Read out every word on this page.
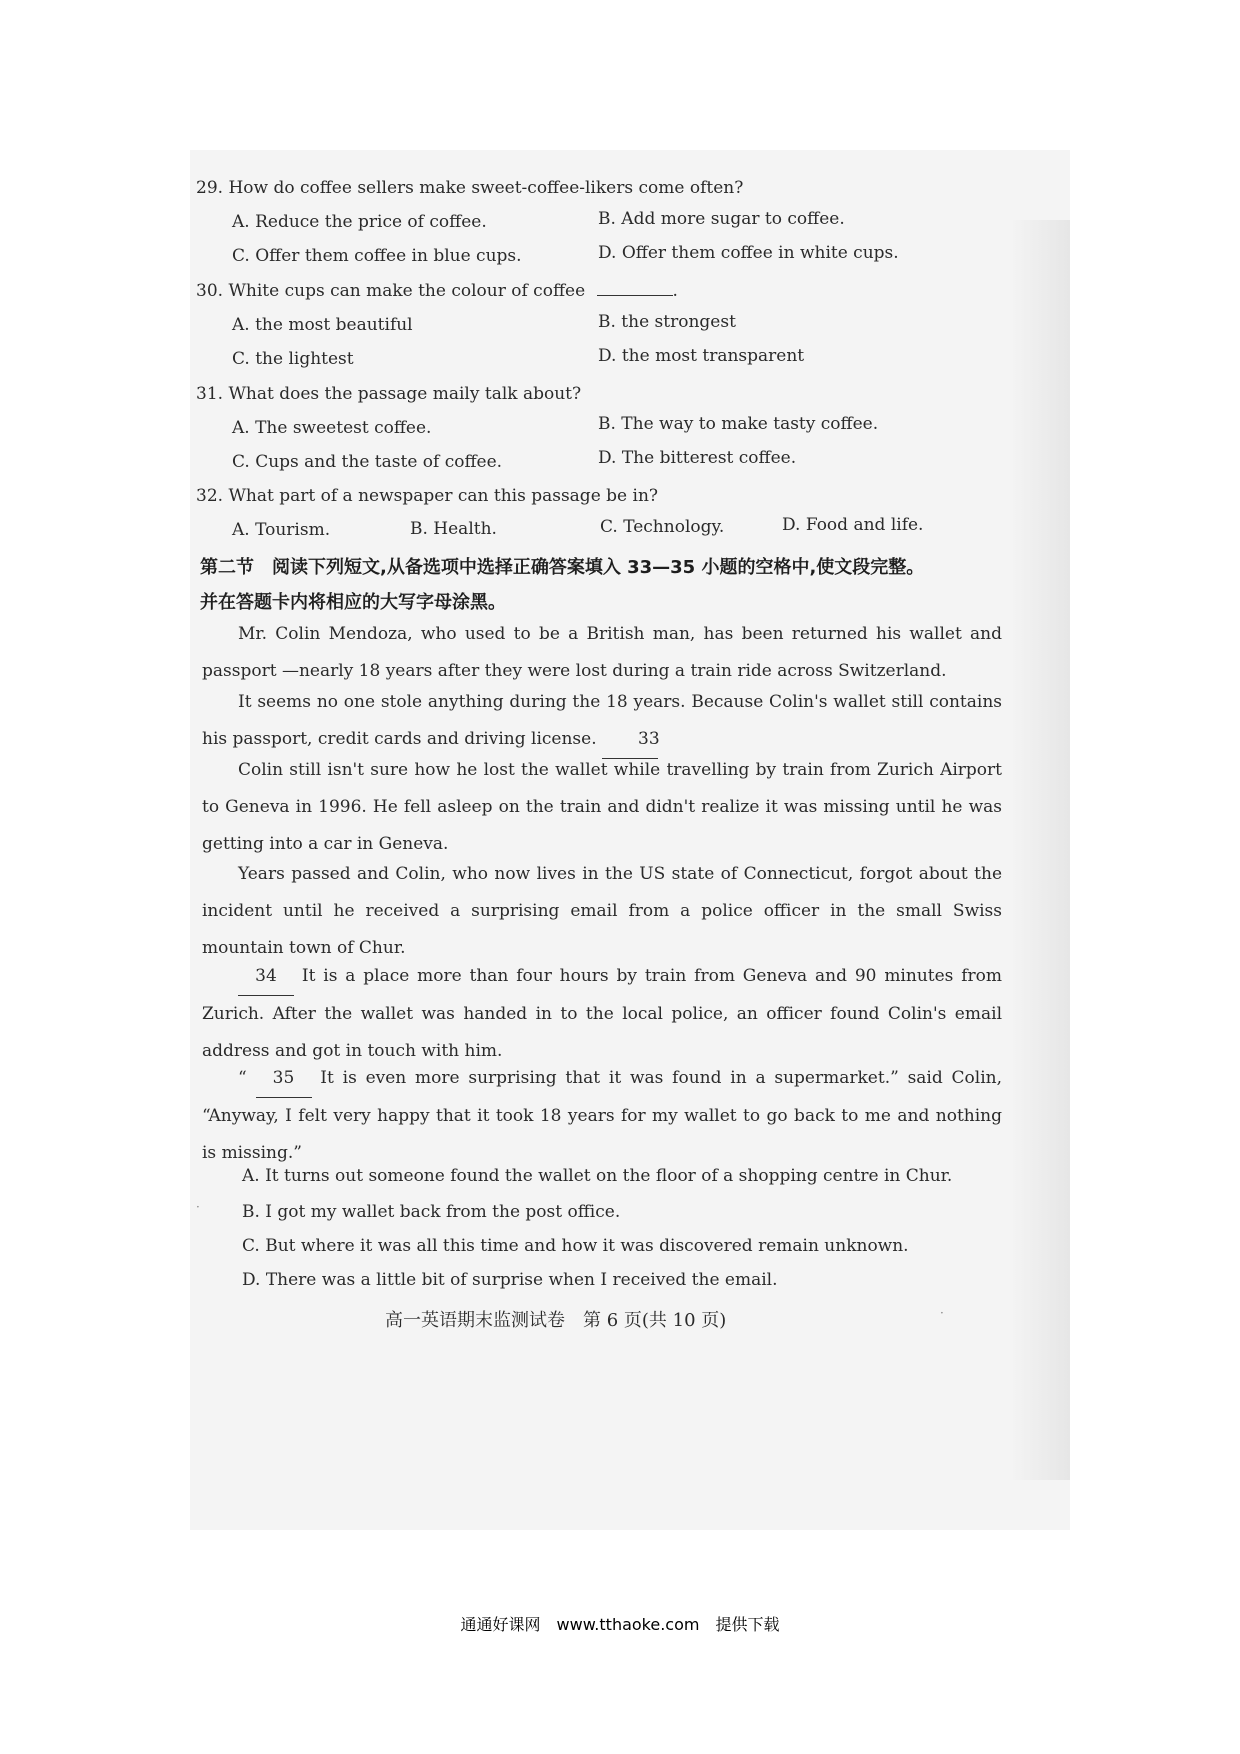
29. How do coffee sellers make sweet-coffee-likers come often?
A. Reduce the price of coffee.	B. Add more sugar to coffee.
C. Offer them coffee in blue cups.	D. Offer them coffee in white cups.
30. White cups can make the colour of coffee	.
A. the most beautiful	B. the strongest
C. the lightest	D. the most transparent
31. What does the passage maily talk about?
A. The sweetest coffee.	B. The way to make tasty coffee.
C. Cups and the taste of coffee.	D. The bitterest coffee.
32. What part of a newspaper can this passage be in?
A. Tourism.	B. Health.	C. Technology.	D. Food and life.
第二节　阅读下列短文,从备选项中选择正确答案填入 33—35 小题的空格中,使文段完整。
并在答题卡内将相应的大写字母涂黑。
Mr. Colin Mendoza, who used to be a British man, has been returned his wallet and passport —nearly 18 years after they were lost during a train ride across Switzerland.
It seems no one stole anything during the 18 years. Because Colin's wallet still contains his passport, credit cards and driving license. 33
Colin still isn't sure how he lost the wallet while travelling by train from Zurich Airport to Geneva in 1996. He fell asleep on the train and didn't realize it was missing until he was getting into a car in Geneva.
Years passed and Colin, who now lives in the US state of Connecticut, forgot about the incident until he received a surprising email from a police officer in the small Swiss mountain town of Chur.
34 It is a place more than four hours by train from Geneva and 90 minutes from Zurich. After the wallet was handed in to the local police, an officer found Colin's email address and got in touch with him.
“ 35 It is even more surprising that it was found in a supermarket.” said Colin, “Anyway, I felt very happy that it took 18 years for my wallet to go back to me and nothing is missing.”
A. It turns out someone found the wallet on the floor of a shopping centre in Chur.
B. I got my wallet back from the post office.
C. But where it was all this time and how it was discovered remain unknown.
D. There was a little bit of surprise when I received the email.
高一英语期末监测试卷　第 6 页(共 10 页)
通通好课网　www.tthaoke.com　提供下载
·
·
